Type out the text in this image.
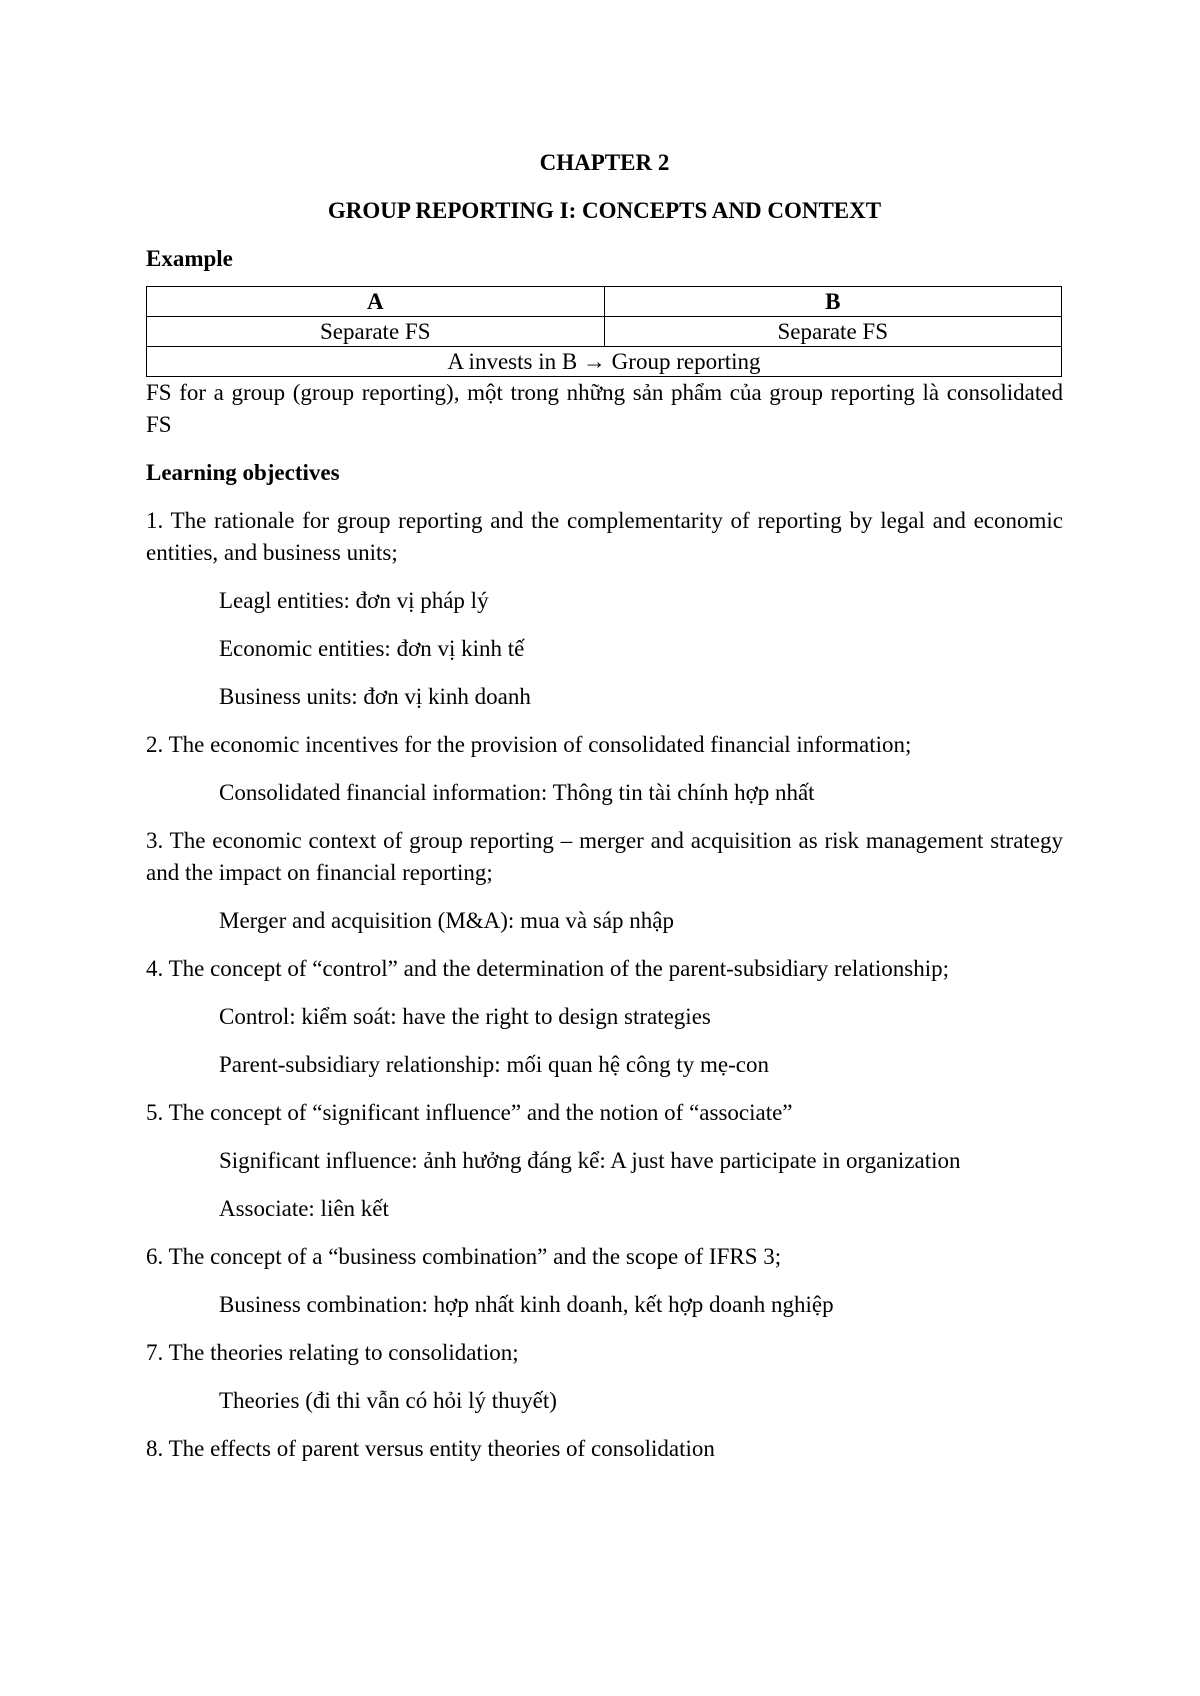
CHAPTER 2

GROUP REPORTING I: CONCEPTS AND CONTEXT

Example

A	B
Separate FS	Separate FS
A invests in B → Group reporting	

FS for a group (group reporting), một trong những sản phẩm của group reporting là consolidated FS

Learning objectives

1. The rationale for group reporting and the complementarity of reporting by legal and economic entities, and business units;

Leagl entities: đơn vị pháp lý

Economic entities: đơn vị kinh tế

Business units: đơn vị kinh doanh

2. The economic incentives for the provision of consolidated financial information;

Consolidated financial information: Thông tin tài chính hợp nhất

3. The economic context of group reporting – merger and acquisition as risk management strategy and the impact on financial reporting;

Merger and acquisition (M&A): mua và sáp nhập

4. The concept of “control” and the determination of the parent-subsidiary relationship;

Control: kiểm soát: have the right to design strategies

Parent-subsidiary relationship: mối quan hệ công ty mẹ-con

5. The concept of “significant influence” and the notion of “associate”

Significant influence: ảnh hưởng đáng kể: A just have participate in organization

Associate: liên kết

6. The concept of a “business combination” and the scope of IFRS 3;

Business combination: hợp nhất kinh doanh, kết hợp doanh nghiệp

7. The theories relating to consolidation;

Theories (đi thi vẫn có hỏi lý thuyết)

8. The effects of parent versus entity theories of consolidation
